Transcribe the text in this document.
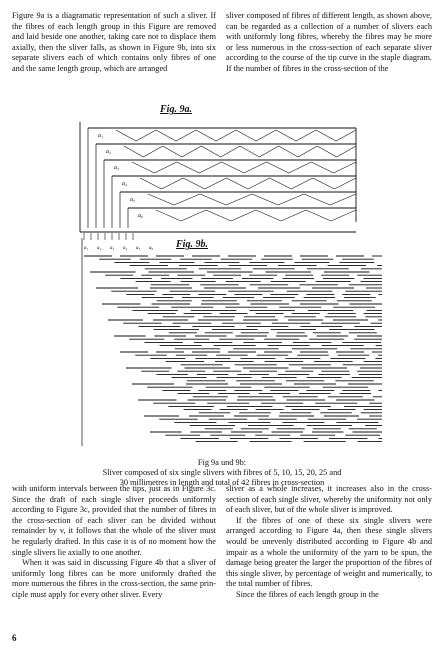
Figure 9a is a diagramatic representation of such a sliver. If the fibres of each length group in this Figure are removed and laid beside one another, taking care not to displace them axially, then the sliver falls, as shown in Figure 9b, into six separate slivers each of which contains only fibres of one and the same length group, which are arranged

sliver composed of fibres of different length, as shown above, can be regarded as a collection of a number of slivers each with uniformly long fibres, whereby the fibres may be more or less numerous in the cross-section of each separate sliver according to the course of the tip curve in the staple diagram. If the number of fibres in the cross-section of the

Fig. 9a.
Fig. 9b.
a₁
a₂
a₃
a₄
a₅
a₆
a₁ a₂ a₃ a₄ a₅ a₆
Fig 9a und 9b:
Sliver composed of six single slivers with fibres of 5, 10, 15, 20, 25 and
30 millimetres in length and total of 42 fibres in cross-section

with uniform intervals between the tips, just as in Figure 3c. Since the draft of each single sliver proceeds uniformly according to Figure 3c, provided that the number of fibres in the cross-section of each sliver can be divided without remainder by v, it follows that the whole of the sliver must be regularly drafted. In this case it is of no moment how the single slivers lie axially to one another.

When it was said in discussing Figure 4b that a sliver of uniformly long fibres can be more uniformly drafted the more numerous the fibres in the cross-section, the same principle must apply for every other sliver. Every

sliver as a whole increases, it increases also in the cross-section of each single sliver, whereby the uniformity not only of each sliver, but of the whole sliver is improved.

If the fibres of one of these six single slivers were arranged according to Figure 4a, then these single slivers would be unevenly distributed according to Figure 4b and impair as a whole the uniformity of the yarn to be spun, the damage being greater the larger the proportion of the fibres of this single sliver, by percentage of weight and numerically, to the total number of fibres.

Since the fibres of each length group in the

6
